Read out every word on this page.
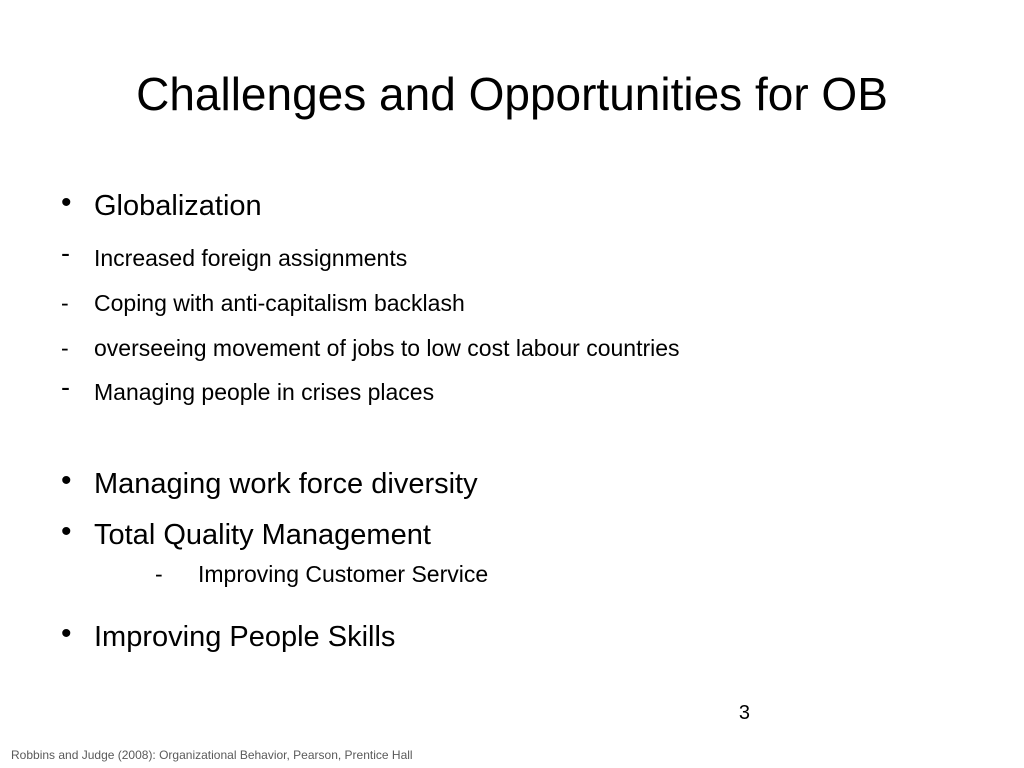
Challenges and Opportunities for OB
• Globalization
- Increased foreign assignments
- Coping with anti-capitalism backlash
- overseeing movement of jobs to low cost labour countries
- Managing people in crises places
• Managing work force diversity
• Total Quality Management
- Improving Customer Service
• Improving People Skills
3
Robbins and Judge (2008): Organizational Behavior, Pearson, Prentice Hall
